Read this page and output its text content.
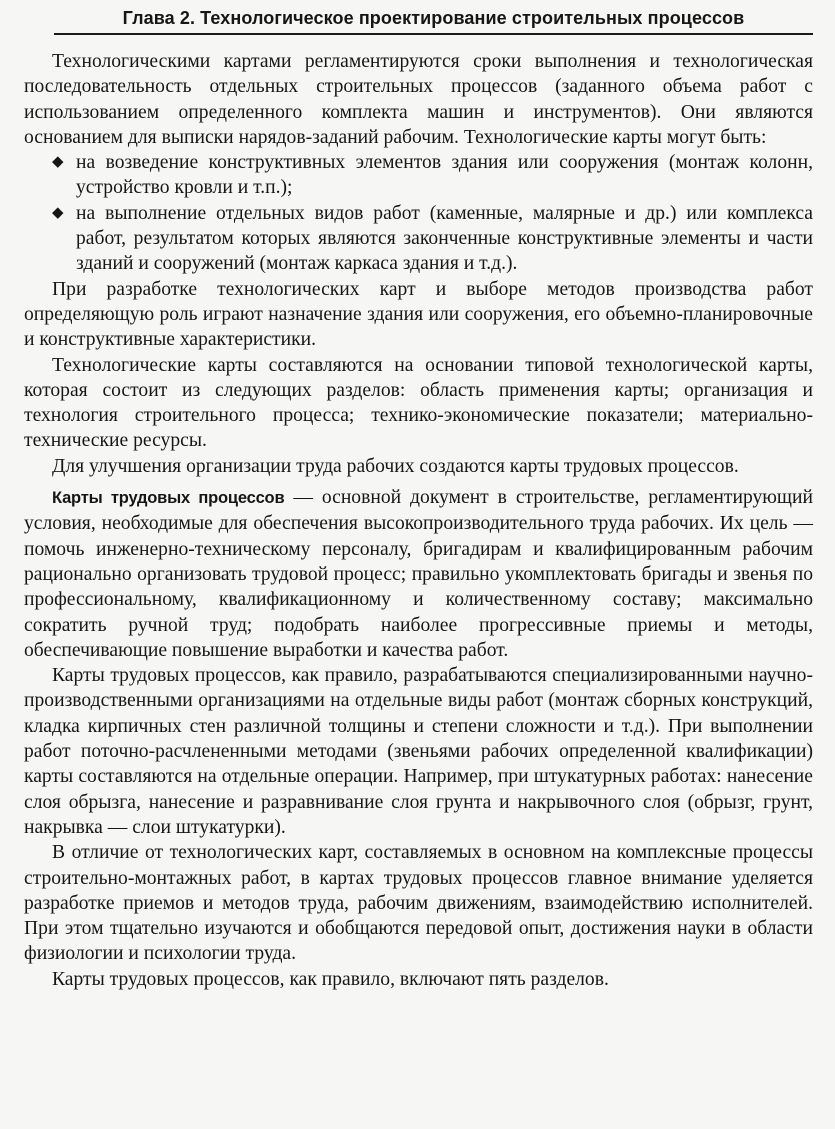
Глава 2. Технологическое проектирование строительных процессов

Технологическими картами регламентируются сроки выполнения и технологическая последовательность отдельных строительных процессов (заданного объема работ с использованием определенного комплекта машин и инструментов). Они являются основанием для выписки нарядов-заданий рабочим. Технологические карты могут быть:

◆ на возведение конструктивных элементов здания или сооружения (монтаж колонн, устройство кровли и т.п.);
◆ на выполнение отдельных видов работ (каменные, малярные и др.) или комплекса работ, результатом которых являются законченные конструктивные элементы и части зданий и сооружений (монтаж каркаса здания и т.д.).

При разработке технологических карт и выборе методов производства работ определяющую роль играют назначение здания или сооружения, его объемно-планировочные и конструктивные характеристики.

Технологические карты составляются на основании типовой технологической карты, которая состоит из следующих разделов: область применения карты; организация и технология строительного процесса; технико-экономические показатели; материально-технические ресурсы.

Для улучшения организации труда рабочих создаются карты трудовых процессов.

Карты трудовых процессов — основной документ в строительстве, регламентирующий условия, необходимые для обеспечения высокопроизводительного труда рабочих. Их цель — помочь инженерно-техническому персоналу, бригадирам и квалифицированным рабочим рационально организовать трудовой процесс; правильно укомплектовать бригады и звенья по профессиональному, квалификационному и количественному составу; максимально сократить ручной труд; подобрать наиболее прогрессивные приемы и методы, обеспечивающие повышение выработки и качества работ.

Карты трудовых процессов, как правило, разрабатываются специализированными научно-производственными организациями на отдельные виды работ (монтаж сборных конструкций, кладка кирпичных стен различной толщины и степени сложности и т.д.). При выполнении работ поточно-расчлененными методами (звеньями рабочих определенной квалификации) карты составляются на отдельные операции. Например, при штукатурных работах: нанесение слоя обрызга, нанесение и разравнивание слоя грунта и накрывочного слоя (обрызг, грунт, накрывка — слои штукатурки).

В отличие от технологических карт, составляемых в основном на комплексные процессы строительно-монтажных работ, в картах трудовых процессов главное внимание уделяется разработке приемов и методов труда, рабочим движениям, взаимодействию исполнителей. При этом тщательно изучаются и обобщаются передовой опыт, достижения науки в области физиологии и психологии труда.

Карты трудовых процессов, как правило, включают пять разделов.
